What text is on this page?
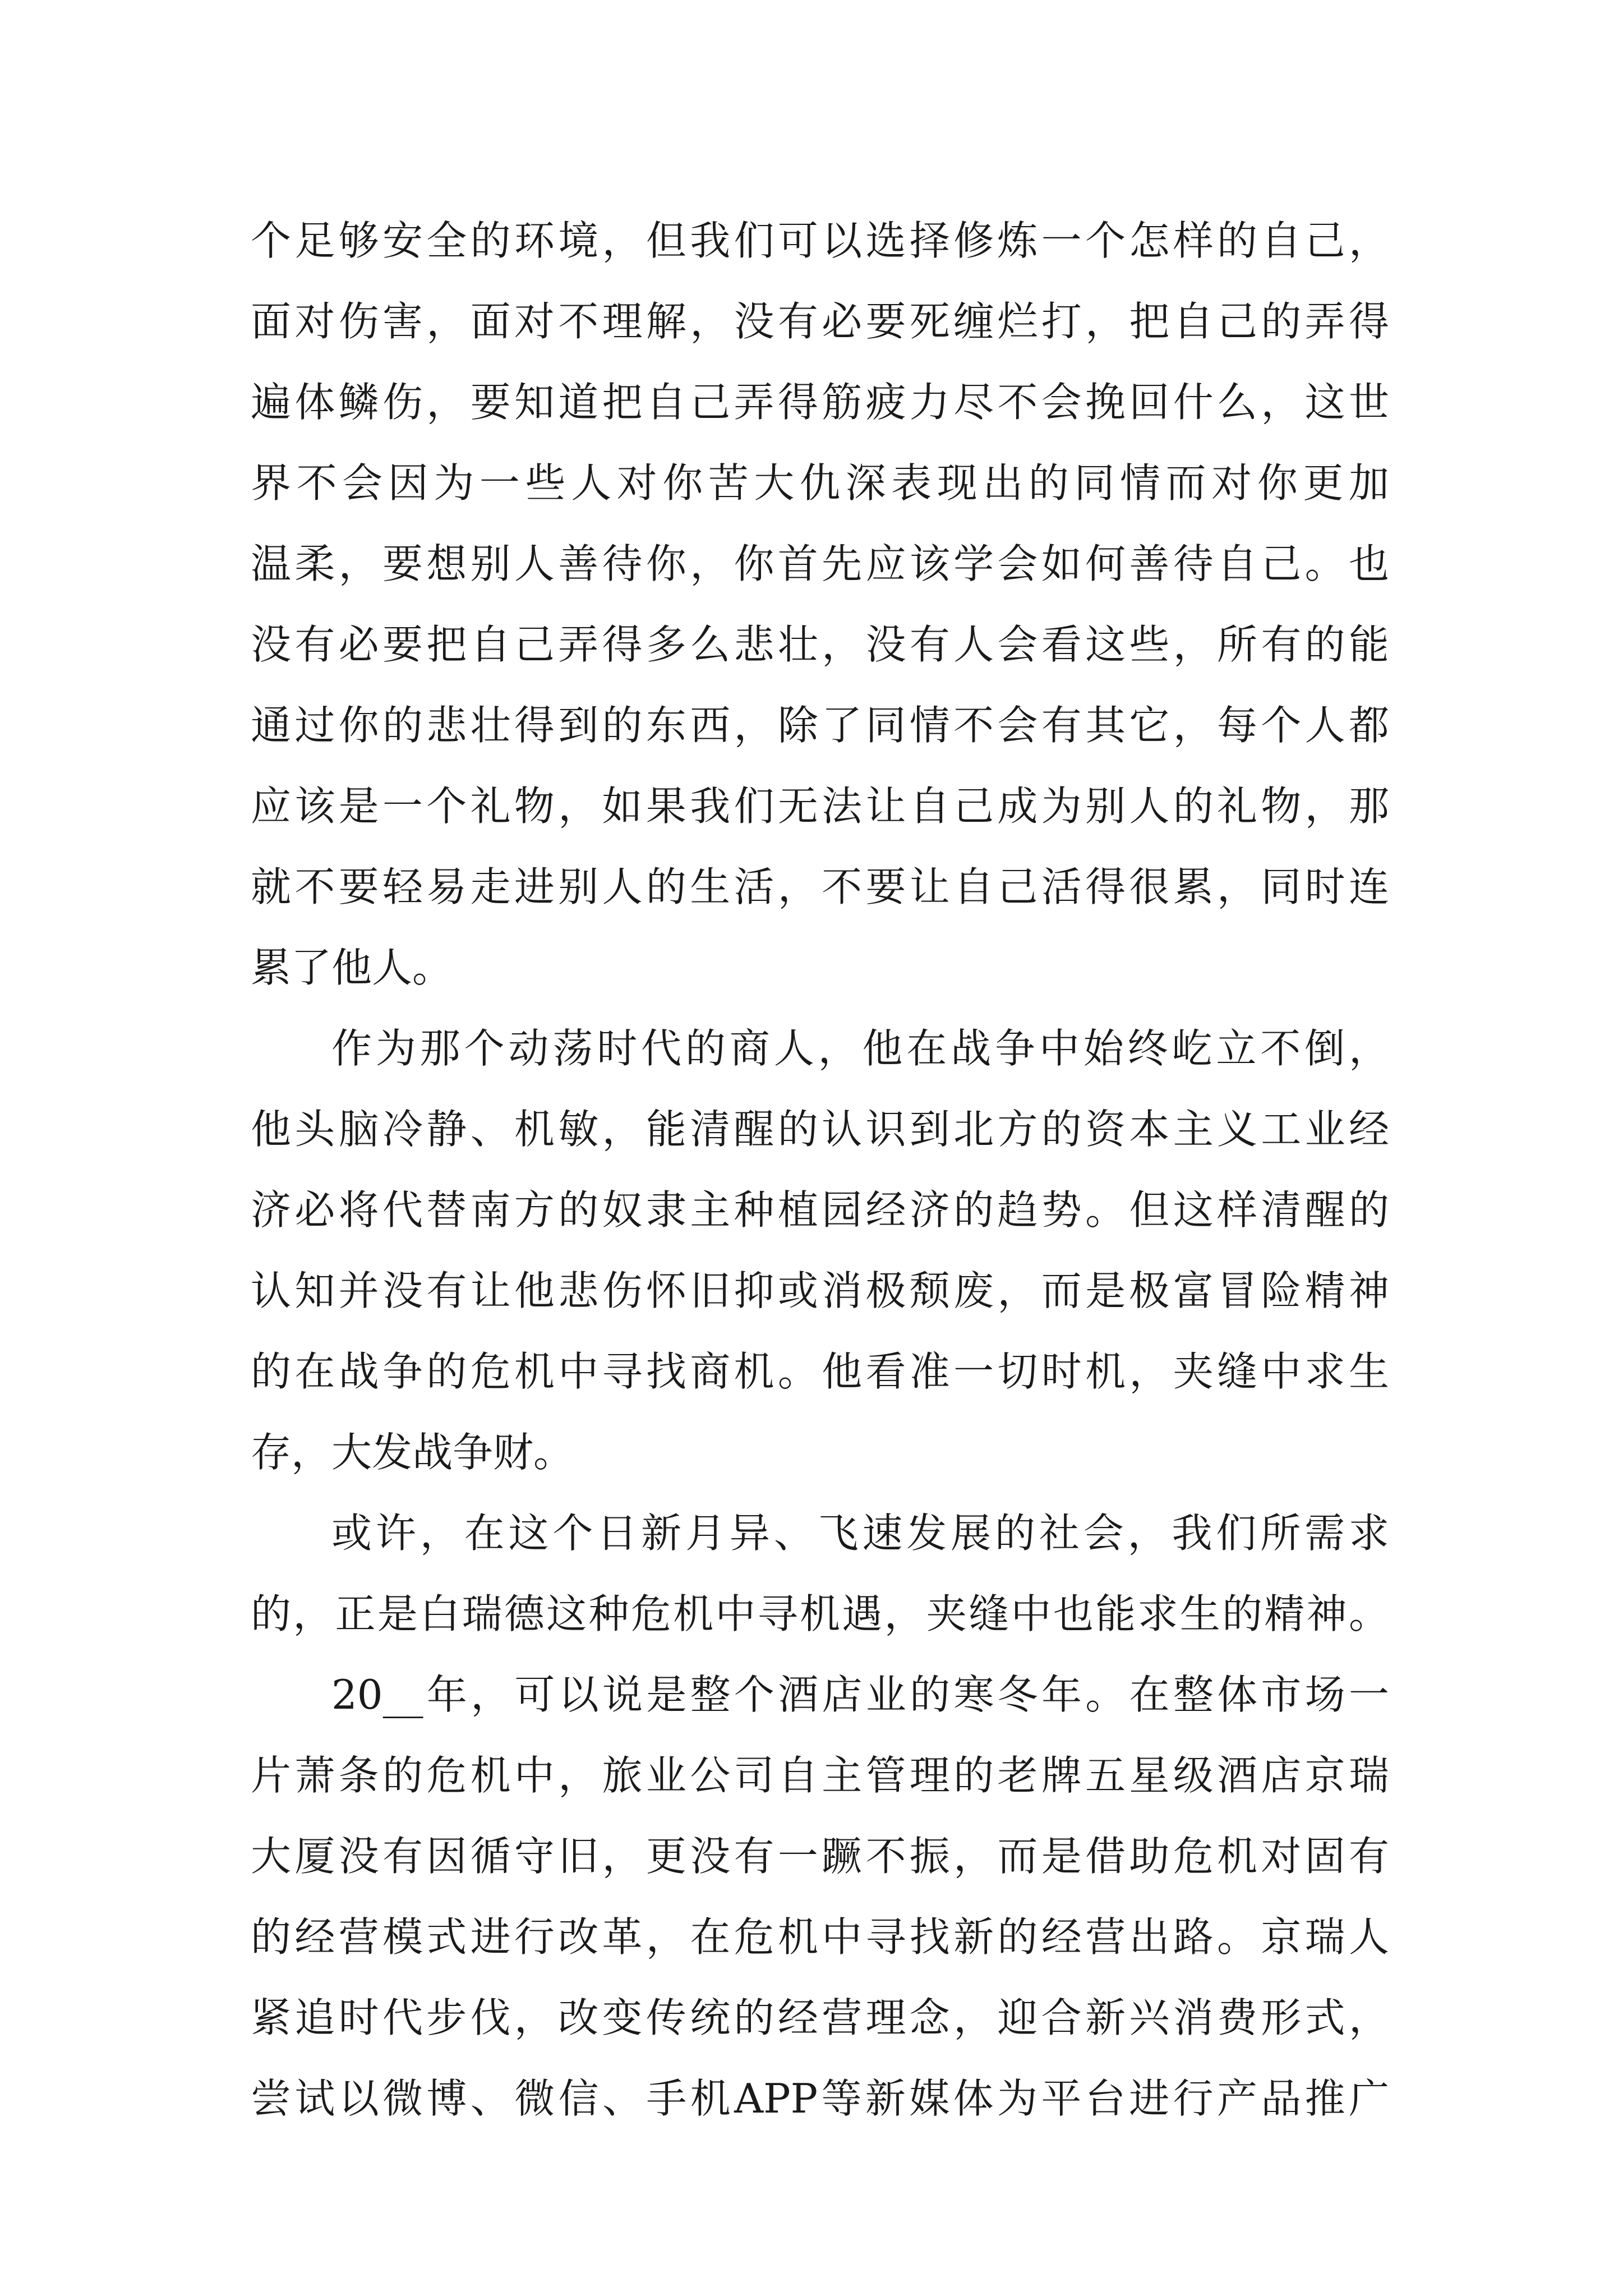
个足够安全的环境，但我们可以选择修炼一个怎样的自己，
面对伤害，面对不理解，没有必要死缠烂打，把自己的弄得
遍体鳞伤，要知道把自己弄得筋疲力尽不会挽回什么，这世
界不会因为一些人对你苦大仇深表现出的同情而对你更加
温柔，要想别人善待你，你首先应该学会如何善待自己。也
没有必要把自己弄得多么悲壮，没有人会看这些，所有的能
通过你的悲壮得到的东西，除了同情不会有其它，每个人都
应该是一个礼物，如果我们无法让自己成为别人的礼物，那
就不要轻易走进别人的生活，不要让自己活得很累，同时连
累了他人。
作为那个动荡时代的商人，他在战争中始终屹立不倒，
他头脑冷静、机敏，能清醒的认识到北方的资本主义工业经
济必将代替南方的奴隶主种植园经济的趋势。但这样清醒的
认知并没有让他悲伤怀旧抑或消极颓废，而是极富冒险精神
的在战争的危机中寻找商机。他看准一切时机，夹缝中求生
存，大发战争财。
或许，在这个日新月异、飞速发展的社会，我们所需求
的，正是白瑞德这种危机中寻机遇，夹缝中也能求生的精神。
20__年，可以说是整个酒店业的寒冬年。在整体市场一
片萧条的危机中，旅业公司自主管理的老牌五星级酒店京瑞
大厦没有因循守旧，更没有一蹶不振，而是借助危机对固有
的经营模式进行改革，在危机中寻找新的经营出路。京瑞人
紧追时代步伐，改变传统的经营理念，迎合新兴消费形式，
尝试以微博、微信、手机APP等新媒体为平台进行产品推广
